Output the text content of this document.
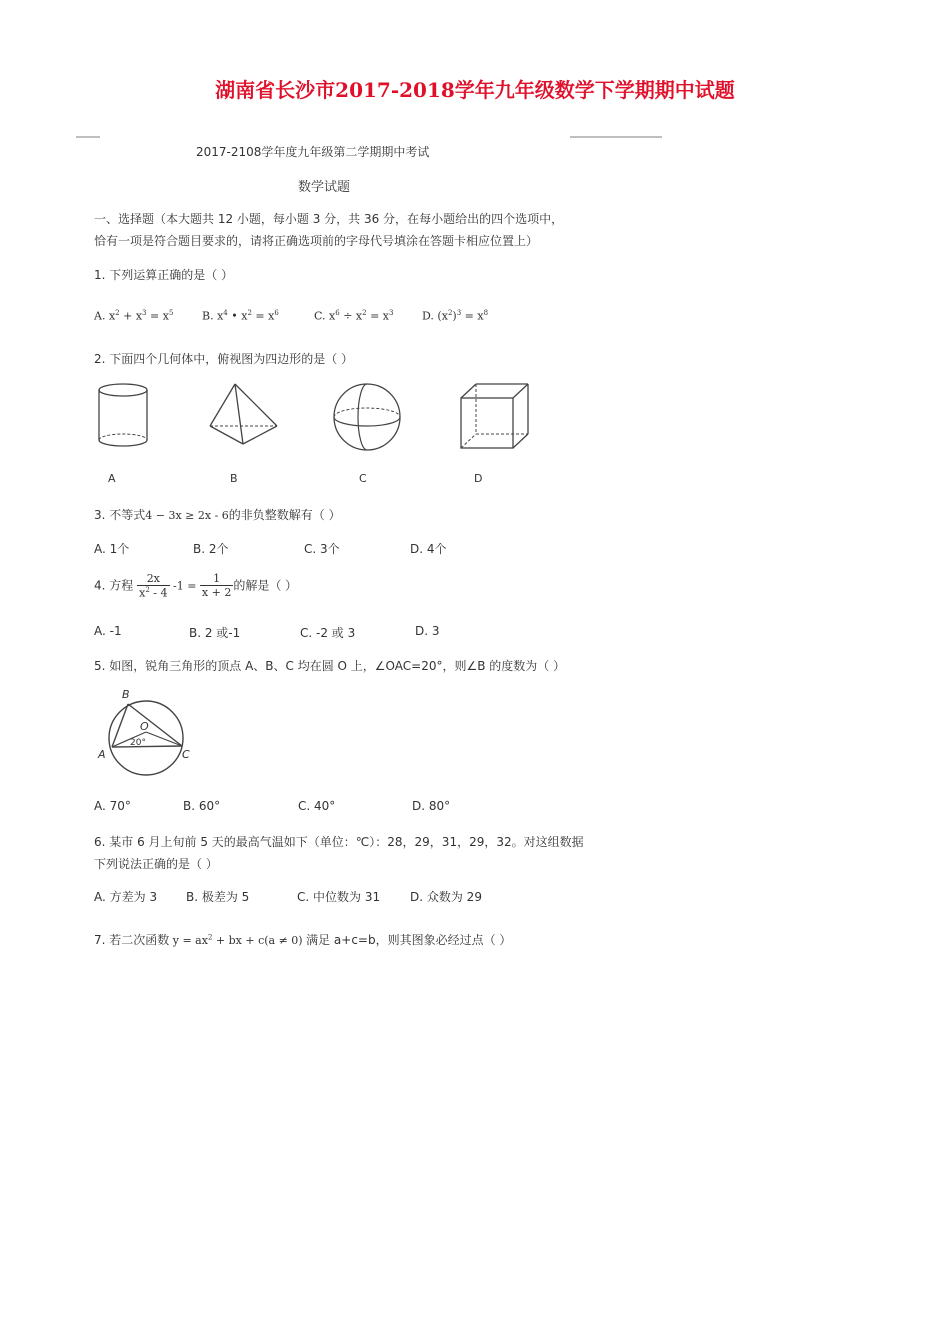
湖南省长沙市2017-2018学年九年级数学下学期期中试题
2017-2108学年度九年级第二学期期中考试
数学试题
一、选择题（本大题共 12 小题，每小题 3 分，共 36 分，在每小题给出的四个选项中，
恰有一项是符合题目要求的，请将正确选项前的字母代号填涂在答题卡相应位置上）
1. 下列运算正确的是（ ）
A. $x^2 + x^3 = x^5$	B. $x^4$ • $x^2 = x^6$	C. $x^6 \div x^2 = x^3$	D. $(x^2)^3 = x^8$
2. 下面四个几何体中，俯视图为四边形的是（ ）
A	B	C	D
3. 不等式4 − 3x ≥ 2x - 6的非负整数解有（ ）
A. 1个	B. 2个	C. 3个	D. 4个
4. 方程 $\frac{2x}{x^2 - 4} -1 = \frac{1}{x + 2}$ 的解是（ ）
A. -1	B. 2 或-1	C. -2 或 3	D. 3
5. 如图，锐角三角形的顶点 A、B、C 均在圆 O 上，∠OAC=20°，则∠B 的度数为（ ）
B
A	C
O
20°
A. 70°	B. 60°	C. 40°	D. 80°
6. 某市 6 月上旬前 5 天的最高气温如下（单位：℃）：28，29，31，29，32。对这组数据
下列说法正确的是（ ）
A. 方差为 3 B. 极差为 5	C. 中位数为 31 D. 众数为 29
7. 若二次函数 $y = ax^2$ + bx + c(a ≠ 0) 满足 a+c=b，则其图象必经过点（ ）
